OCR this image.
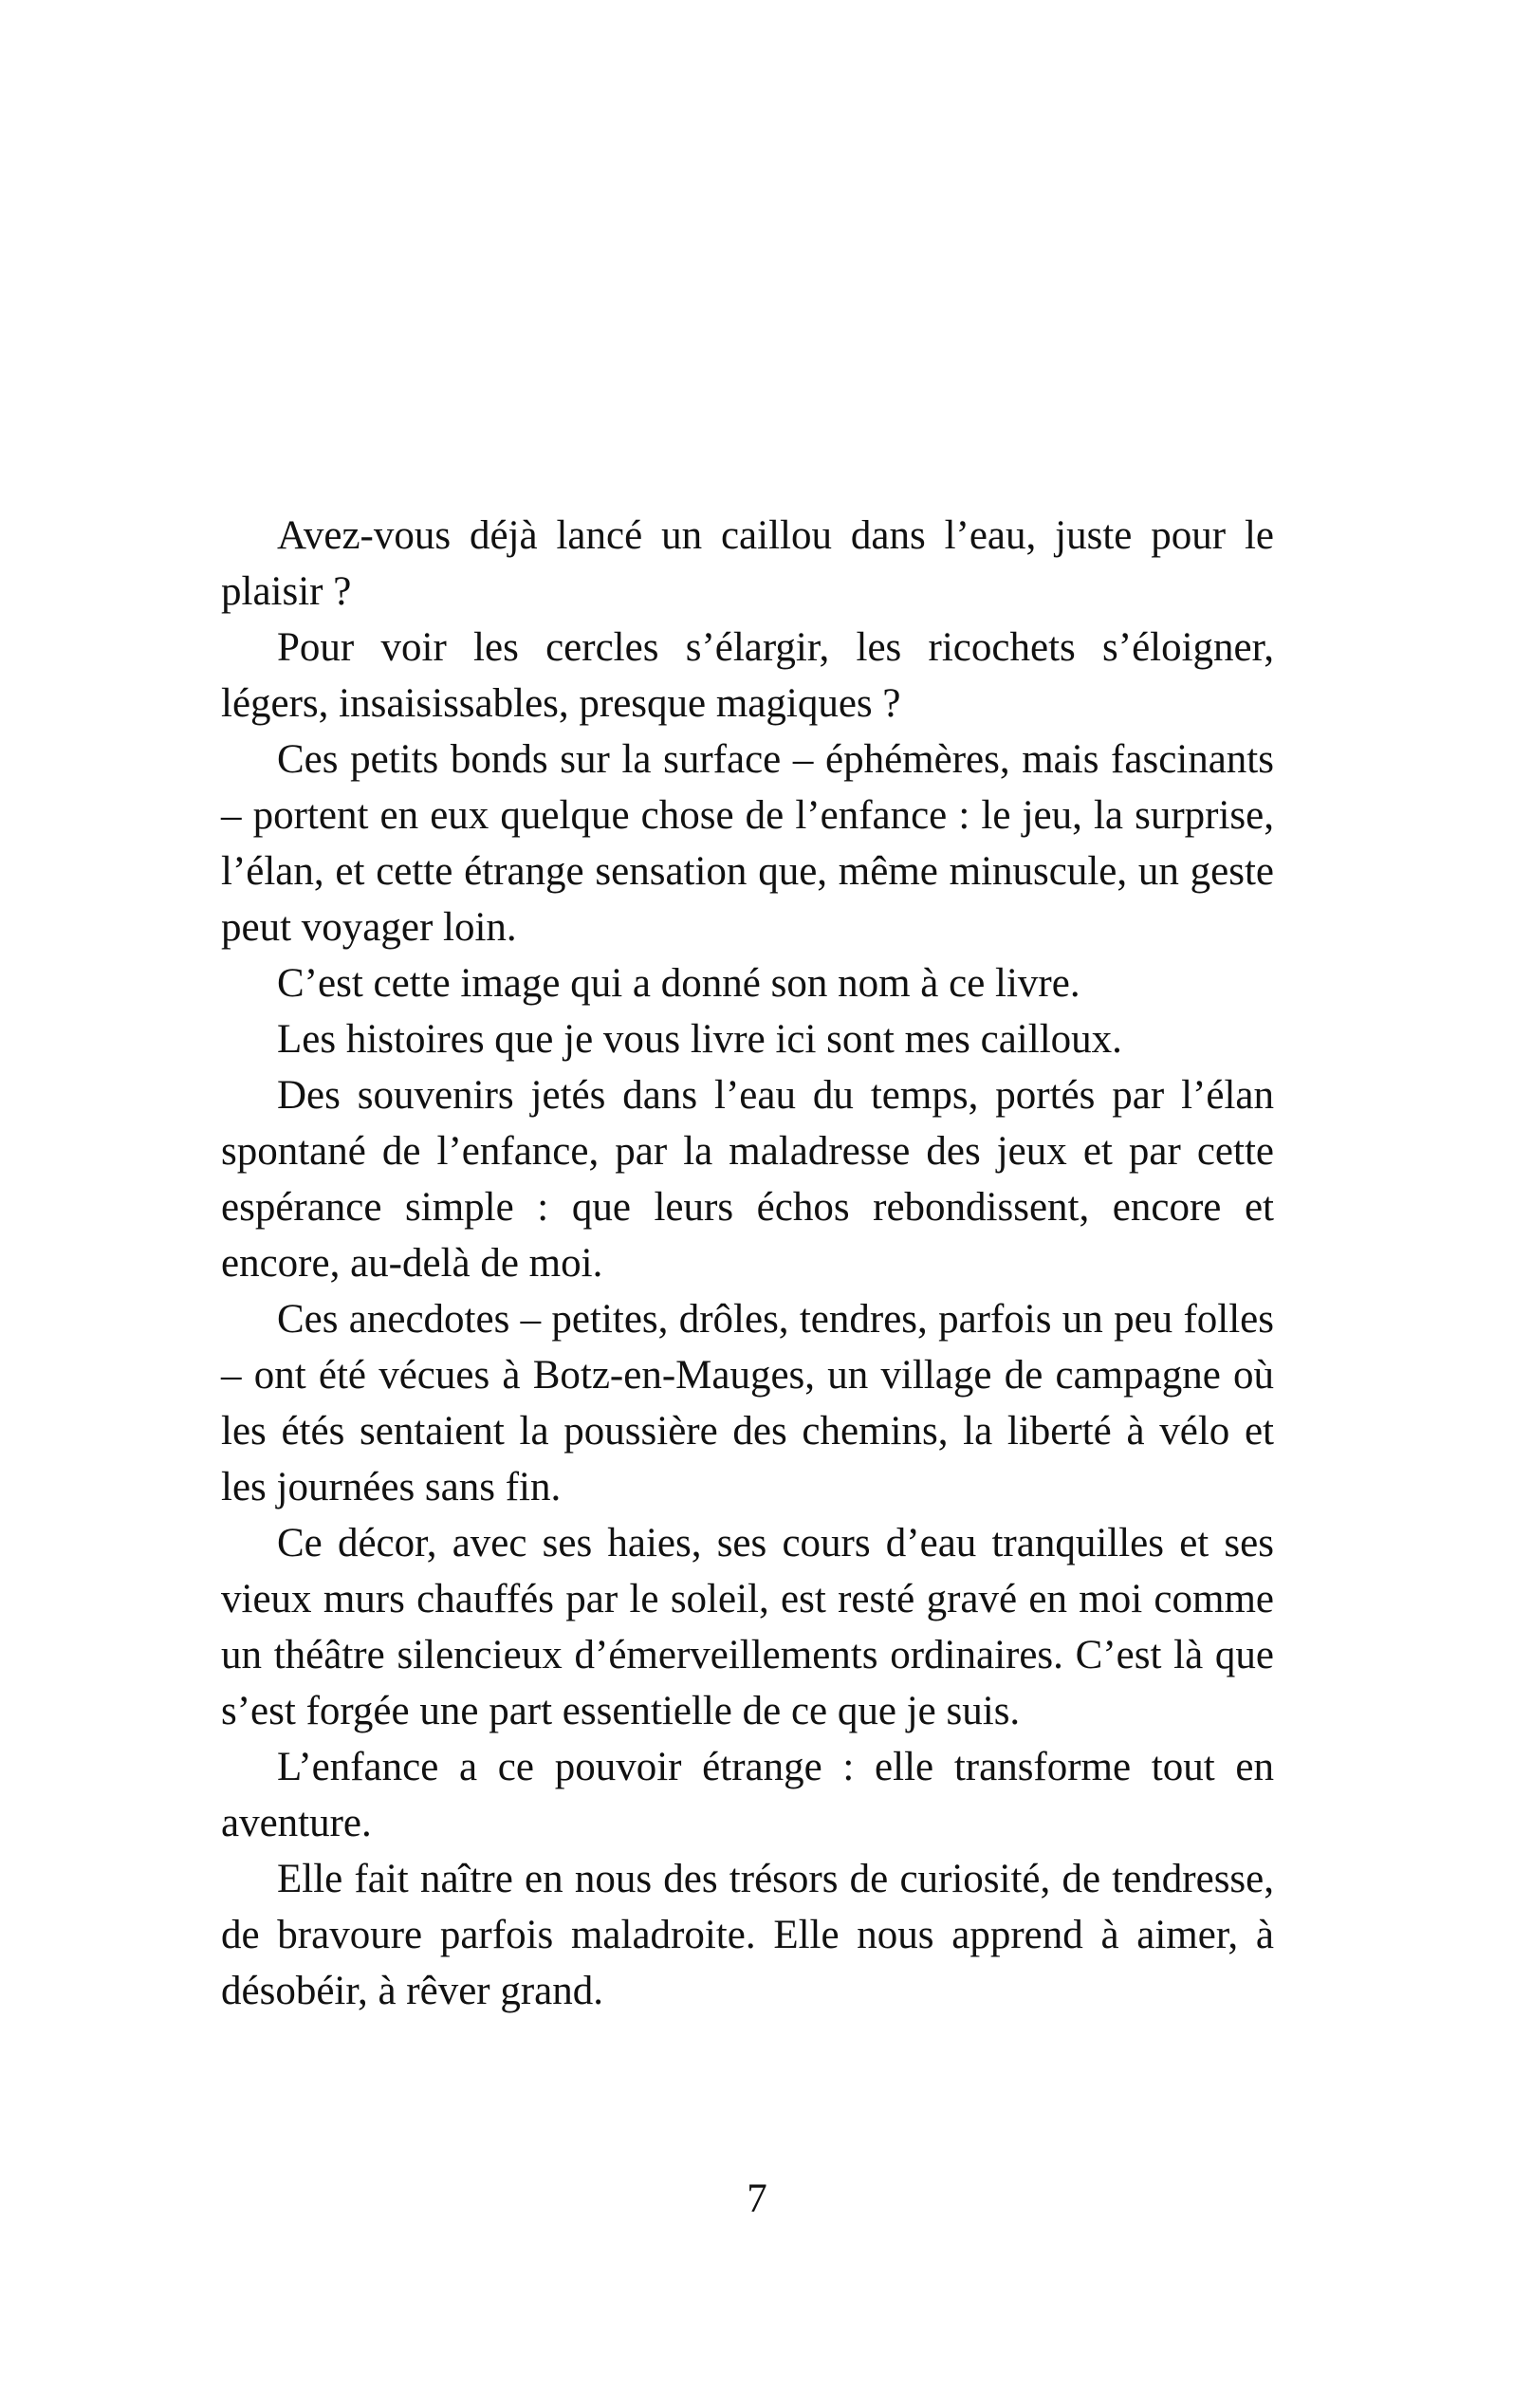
Avez-vous déjà lancé un caillou dans l’eau, juste pour le plaisir ?

Pour voir les cercles s’élargir, les ricochets s’éloigner, légers, insaisissables, presque magiques ?

Ces petits bonds sur la surface – éphémères, mais fascinants – portent en eux quelque chose de l’enfance : le jeu, la surprise, l’élan, et cette étrange sensation que, même minuscule, un geste peut voyager loin.

C’est cette image qui a donné son nom à ce livre.

Les histoires que je vous livre ici sont mes cailloux.

Des souvenirs jetés dans l’eau du temps, portés par l’élan spontané de l’enfance, par la maladresse des jeux et par cette espérance simple : que leurs échos rebondissent, encore et encore, au-delà de moi.

Ces anecdotes – petites, drôles, tendres, parfois un peu folles – ont été vécues à Botz-en-Mauges, un village de campagne où les étés sentaient la poussière des chemins, la liberté à vélo et les journées sans fin.

Ce décor, avec ses haies, ses cours d’eau tranquilles et ses vieux murs chauffés par le soleil, est resté gravé en moi comme un théâtre silencieux d’émerveillements ordinaires. C’est là que s’est forgée une part essentielle de ce que je suis.

L’enfance a ce pouvoir étrange : elle transforme tout en aventure.

Elle fait naître en nous des trésors de curiosité, de tendresse, de bravoure parfois maladroite. Elle nous apprend à aimer, à désobéir, à rêver grand.

7
